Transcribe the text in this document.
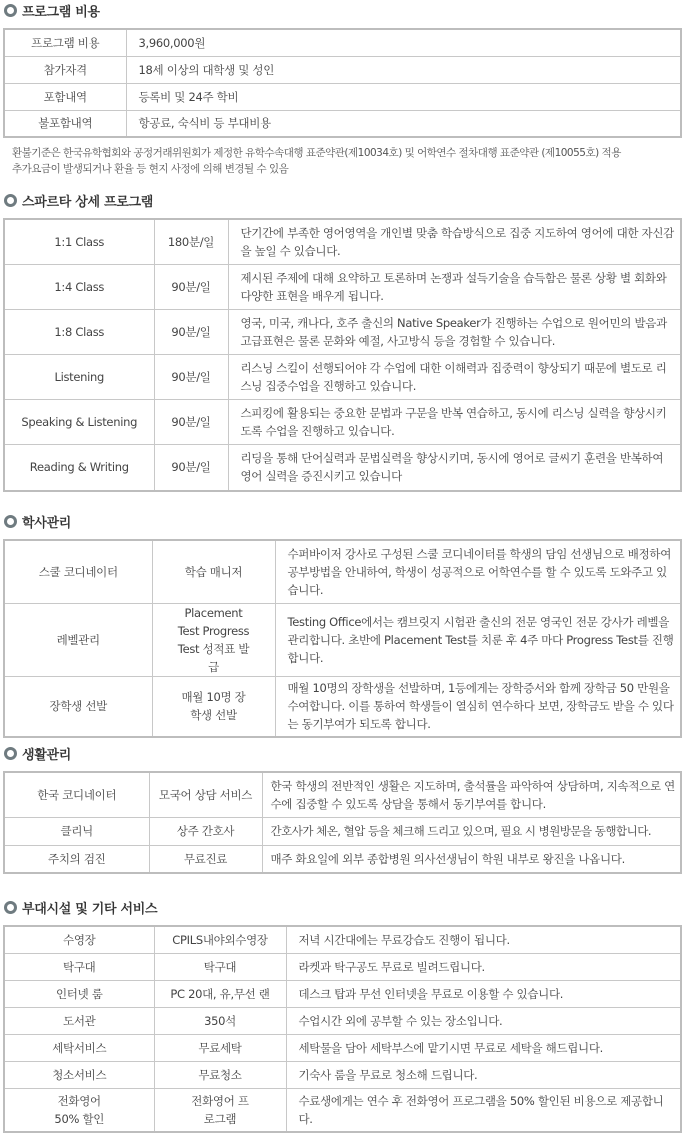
프로그램 비용
프로그램 비용	3,960,000원
참가자격	18세 이상의 대학생 및 성인
포함내역	등록비 및 24주 학비
불포함내역	항공료, 숙식비 등 부대비용
환불기준은 한국유학협회와 공정거래위원회가 제정한 유학수속대행 표준약관(제10034호) 및 어학연수 절차대행 표준약관 (제10055호) 적용
추가요금이 발생되거나 환율 등 현지 사정에 의해 변경될 수 있음
스파르타 상세 프로그램
1:1 Class	180분/일	단기간에 부족한 영어영역을 개인별 맞춤 학습방식으로 집중 지도하여 영어에 대한 자신감을 높일 수 있습니다.
1:4 Class	90분/일	제시된 주제에 대해 요약하고 토론하며 논쟁과 설득기술을 습득함은 물론 상황 별 회화와 다양한 표현을 배우게 됩니다.
1:8 Class	90분/일	영국, 미국, 캐나다, 호주 출신의 Native Speaker가 진행하는 수업으로 원어민의 발음과 고급표현은 물론 문화와 예절, 사고방식 등을 경험할 수 있습니다.
Listening	90분/일	리스닝 스킬이 선행되어야 각 수업에 대한 이해력과 집중력이 향상되기 때문에 별도로 리스닝 집중수업을 진행하고 있습니다.
Speaking & Listening	90분/일	스피킹에 활용되는 중요한 문법과 구문을 반복 연습하고, 동시에 리스닝 실력을 향상시키도록 수업을 진행하고 있습니다.
Reading & Writing	90분/일	리딩을 통해 단어실력과 문법실력을 향상시키며, 동시에 영어로 글씨기 훈련을 반복하여 영어 실력을 증진시키고 있습니다
학사관리
스쿨 코디네이터	학습 매니저	수퍼바이저 강사로 구성된 스쿨 코디네이터를 학생의 담임 선생님으로 배정하여 공부방법을 안내하여, 학생이 성공적으로 어학연수를 할 수 있도록 도와주고 있습니다.
레벨관리	Placement Test Progress Test 성적표 발급	Testing Office에서는 캠브릿지 시험관 출신의 전문 영국인 전문 강사가 레벨을 관리합니다. 초반에 Placement Test를 치룬 후 4주 마다 Progress Test를 진행합니다.
장학생 선발	매월 10명 장학생 선발	매월 10명의 장학생을 선발하며, 1등에게는 장학증서와 함께 장학금 50 만원을 수여합니다. 이를 통하여 학생들이 열심히 연수하다 보면, 장학금도 받을 수 있다는 동기부여가 되도록 합니다.
생활관리
한국 코디네이터	모국어 상담 서비스	한국 학생의 전반적인 생활은 지도하며, 출석률을 파악하여 상담하며, 지속적으로 연수에 집중할 수 있도록 상담을 통해서 동기부여를 합니다.
클리닉	상주 간호사	간호사가 체온, 혈압 등을 체크해 드리고 있으며, 필요 시 병원방문을 동행합니다.
주치의 검진	무료진료	매주 화요일에 외부 종합병원 의사선생님이 학원 내부로 왕진을 나옵니다.
부대시설 및 기타 서비스
수영장	CPILS내야외수영장	저녁 시간대에는 무료강습도 진행이 됩니다.
탁구대	탁구대	라켓과 탁구공도 무료로 빌려드립니다.
인터넷 룸	PC 20대, 유,무선 랜	데스크 탑과 무선 인터넷을 무료로 이용할 수 있습니다.
도서관	350석	수업시간 외에 공부할 수 있는 장소입니다.
세탁서비스	무료세탁	세탁물을 담아 세탁부스에 맡기시면 무료로 세탁을 해드립니다.
청소서비스	무료청소	기숙사 룸을 무료로 청소해 드립니다.
전화영어 50% 할인	전화영어 프로그램	수료생에게는 연수 후 전화영어 프로그램을 50% 할인된 비용으로 제공합니다.
